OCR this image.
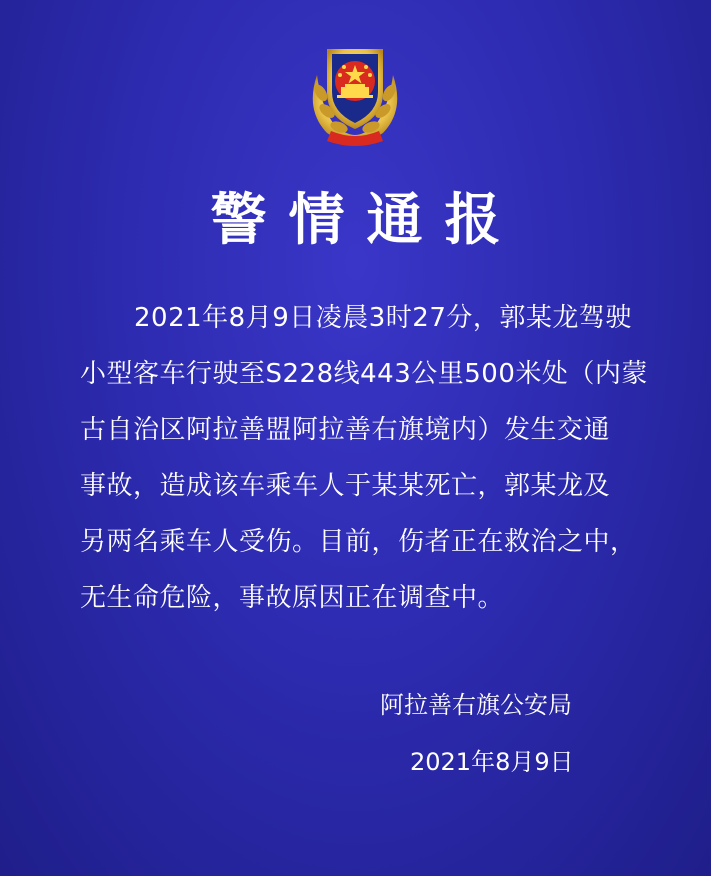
警情通报
2021年8月9日凌晨3时27分，郭某龙驾驶
小型客车行驶至S228线443公里500米处（内蒙
古自治区阿拉善盟阿拉善右旗境内）发生交通
事故，造成该车乘车人于某某死亡，郭某龙及
另两名乘车人受伤。目前，伤者正在救治之中，
无生命危险，事故原因正在调查中。
阿拉善右旗公安局
2021年8月9日
